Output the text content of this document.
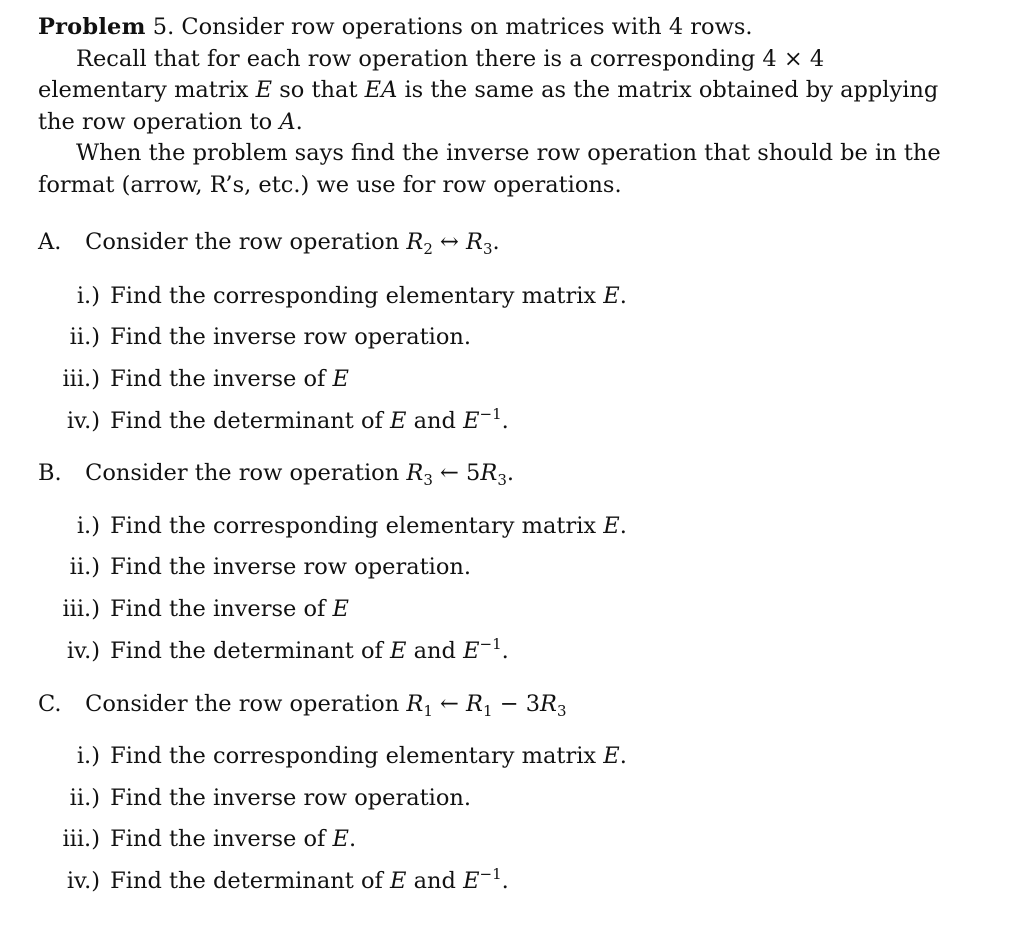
Problem 5. Consider row operations on matrices with 4 rows.

Recall that for each row operation there is a corresponding 4 × 4 elementary matrix E so that EA is the same as the matrix obtained by applying the row operation to A.

When the problem says find the inverse row operation that should be in the format (arrow, R’s, etc.) we use for row operations.

A. Consider the row operation $R_2$ ↔ $R_3$.
i.) Find the corresponding elementary matrix E.
ii.) Find the inverse row operation.
iii.) Find the inverse of E
iv.) Find the determinant of E and $E^{-1}$.
B. Consider the row operation $R_3$ ← $5R_3$.
i.) Find the corresponding elementary matrix E.
ii.) Find the inverse row operation.
iii.) Find the inverse of E
iv.) Find the determinant of E and $E^{-1}$.
C. Consider the row operation $R_1$ ← $R_1 - 3R_3$
i.) Find the corresponding elementary matrix E.
ii.) Find the inverse row operation.
iii.) Find the inverse of E.
iv.) Find the determinant of E and $E^{-1}$.
